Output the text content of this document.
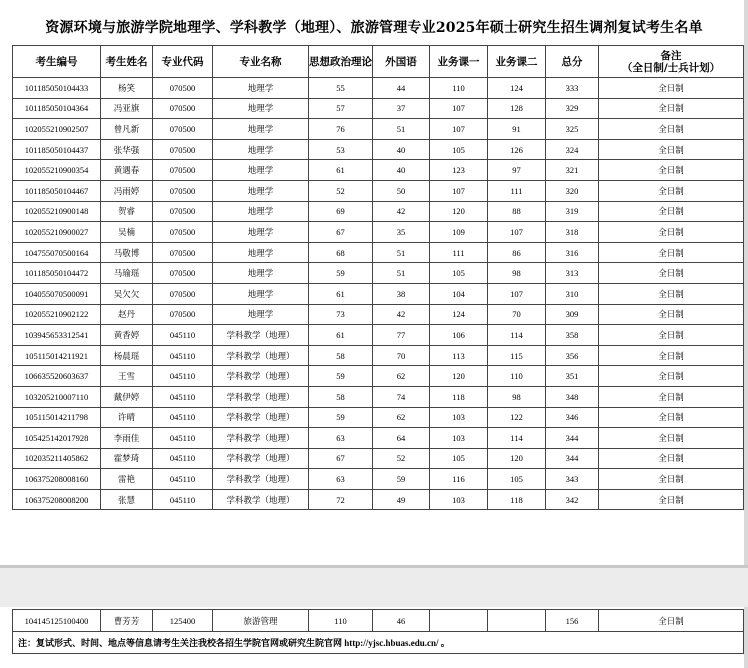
资源环境与旅游学院地理学、学科教学（地理）、旅游管理专业2025年硕士研究生招生调剂复试考生名单
考生编号	考生姓名	专业代码	专业名称	思想政治理论	外国语	业务课一	业务课二	总分	备注
（全日制/士兵计划）

101185050104433	杨笑	070500	地理学	55	44	110	124	333	全日制
101185050104364	冯亚旗	070500	地理学	57	37	107	128	329	全日制
102055210902507	曾凡新	070500	地理学	76	51	107	91	325	全日制
101185050104437	张华强	070500	地理学	53	40	105	126	324	全日制
102055210900354	黄遇春	070500	地理学	61	40	123	97	321	全日制
101185050104467	冯雨婷	070500	地理学	52	50	107	111	320	全日制
102055210900148	贺睿	070500	地理学	69	42	120	88	319	全日制
102055210900027	吴楠	070500	地理学	67	35	109	107	318	全日制
104755070500164	马敬博	070500	地理学	68	51	111	86	316	全日制
101185050104472	马瑜瑶	070500	地理学	59	51	105	98	313	全日制
104055070500091	吴欠欠	070500	地理学	61	38	104	107	310	全日制
102055210902122	赵丹	070500	地理学	73	42	124	70	309	全日制
103945653312541	黄香婷	045110	学科教学（地理）	61	77	106	114	358	全日制
105115014211921	杨晨瑶	045110	学科教学（地理）	58	70	113	115	356	全日制
106635520603637	王雪	045110	学科教学（地理）	59	62	120	110	351	全日制
103205210007110	戴伊婷	045110	学科教学（地理）	58	74	118	98	348	全日制
105115014211798	许晴	045110	学科教学（地理）	59	62	103	122	346	全日制
105425142017928	李雨佳	045110	学科教学（地理）	63	64	103	114	344	全日制
102035211405862	霍梦琦	045110	学科教学（地理）	67	52	105	120	344	全日制
106375208008160	雷艳	045110	学科教学（地理）	63	59	116	105	343	全日制
106375208008200	张慧	045110	学科教学（地理）	72	49	103	118	342	全日制
104145125100400	曹芳芳	125400	旅游管理	110	46			156	全日制
注：复试形式、时间、地点等信息请考生关注我校各招生学院官网或研究生院官网 http://yjsc.hbuas.edu.cn/ 。
